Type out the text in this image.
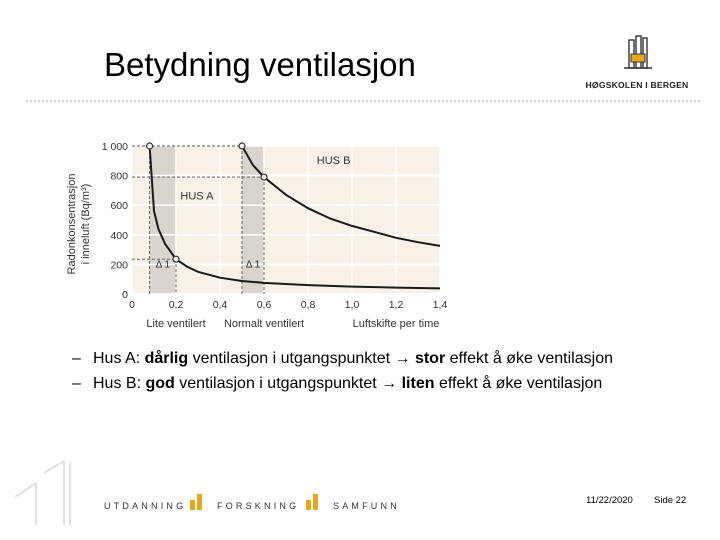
Betydning ventilasjon
HØGSKOLEN I BERGEN
HUS A
HUS B
Δ 1	Δ 1
0
200
400
600
800
1 000
0	0,2	0,4	0,6	0,8	1,0	1,2	1,4
Lite ventilert Normalt ventilert	Luftskifte per time
Radonkonsentrasjon i inneluft (Bq/m³)
– Hus A: dårlig ventilasjon i utgangspunktet → stor effekt å øke ventilasjon
– Hus B: god ventilasjon i utgangspunktet → liten effekt å øke ventilasjon
UTDANNING	FORSKNING	SAMFUNN	11/22/2020 Side 22
